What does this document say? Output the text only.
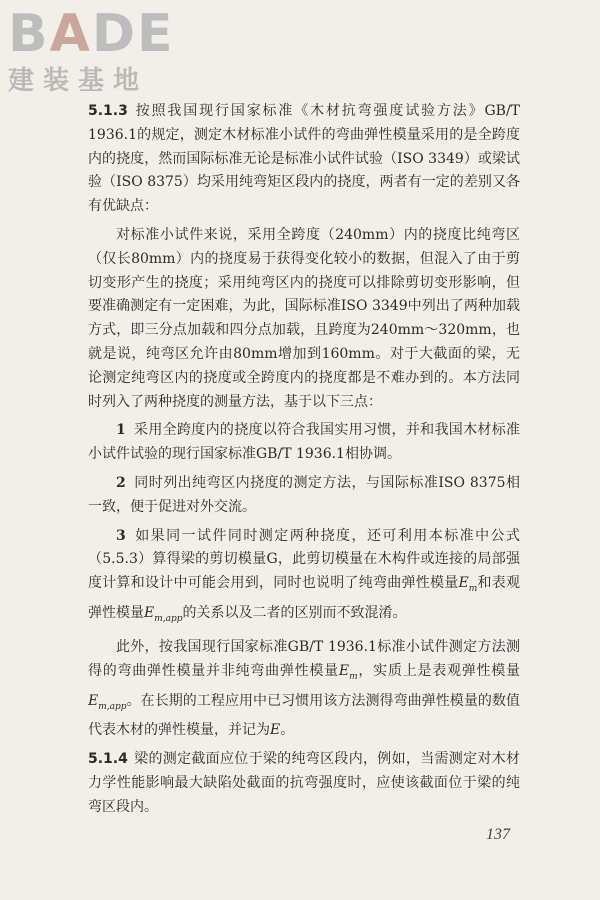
BADE
建装基地

5.1.3 按照我国现行国家标准《木材抗弯强度试验方法》GB/T 1936.1的规定，测定木材标准小试件的弯曲弹性模量采用的是全跨度内的挠度，然而国际标准无论是标准小试件试验（ISO 3349）或梁试验（ISO 8375）均采用纯弯矩区段内的挠度，两者有一定的差别又各有优缺点：

对标准小试件来说，采用全跨度（240mm）内的挠度比纯弯区（仅长80mm）内的挠度易于获得变化较小的数据，但混入了由于剪切变形产生的挠度；采用纯弯区内的挠度可以排除剪切变形影响，但要准确测定有一定困难，为此，国际标准ISO 3349中列出了两种加载方式，即三分点加载和四分点加载，且跨度为240mm～320mm，也就是说，纯弯区允许由80mm增加到160mm。对于大截面的梁，无论测定纯弯区内的挠度或全跨度内的挠度都是不难办到的。本方法同时列入了两种挠度的测量方法，基于以下三点：

1 采用全跨度内的挠度以符合我国实用习惯，并和我国木材标准小试件试验的现行国家标准GB/T 1936.1相协调。

2 同时列出纯弯区内挠度的测定方法，与国际标准ISO 8375相一致，便于促进对外交流。

3 如果同一试件同时测定两种挠度，还可利用本标准中公式（5.5.3）算得梁的剪切模量G，此剪切模量在木构件或连接的局部强度计算和设计中可能会用到，同时也说明了纯弯曲弹性模量$E_m$和表观弹性模量$E_{m,app}$的关系以及二者的区别而不致混淆。

此外，按我国现行国家标准GB/T 1936.1标准小试件测定方法测得的弯曲弹性模量并非纯弯曲弹性模量$E_m$，实质上是表观弹性模量$E_{m,app}$。在长期的工程应用中已习惯用该方法测得弯曲弹性模量的数值代表木材的弹性模量，并记为E。

5.1.4 梁的测定截面应位于梁的纯弯区段内，例如，当需测定对木材力学性能影响最大缺陷处截面的抗弯强度时，应使该截面位于梁的纯弯区段内。

137
